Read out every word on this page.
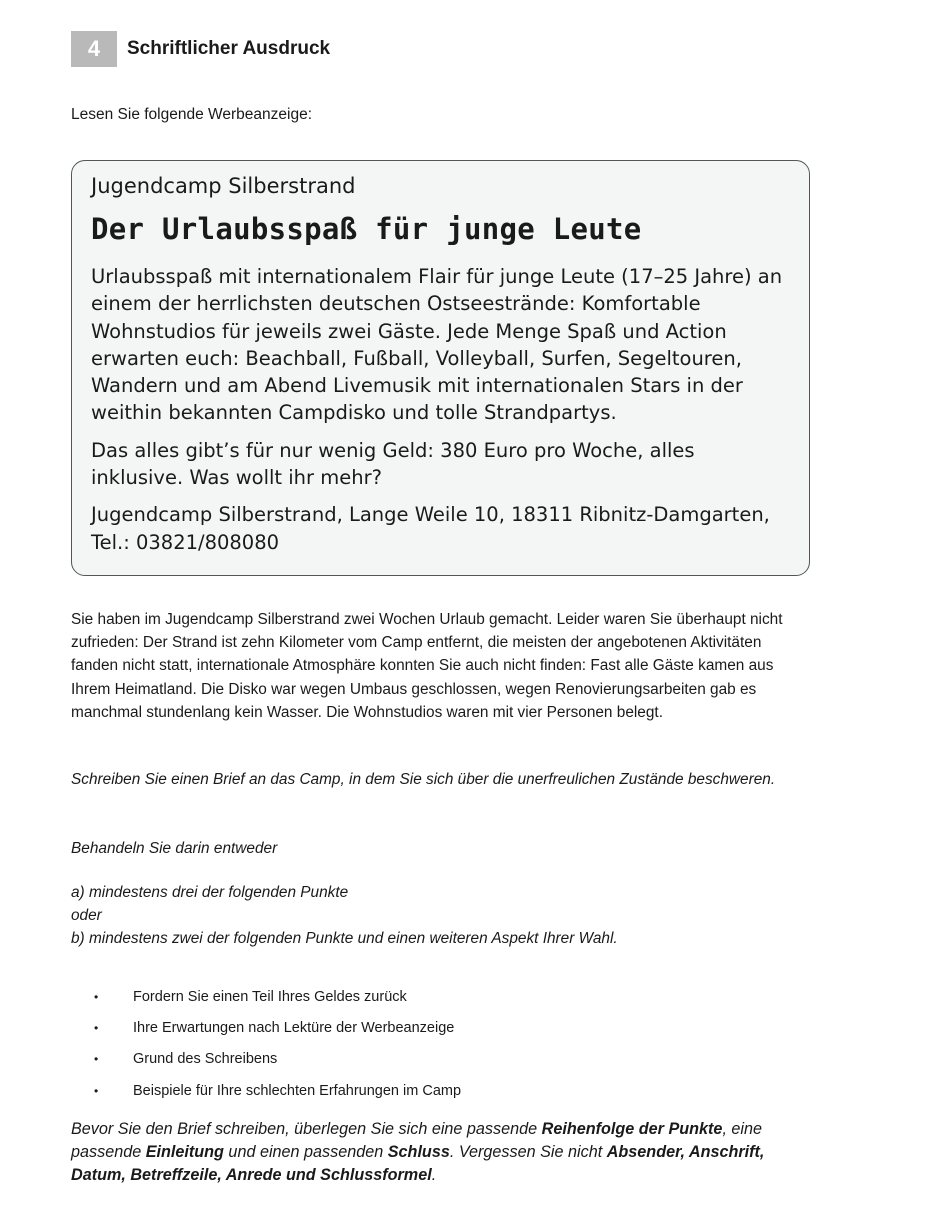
4	Schriftlicher Ausdruck
Lesen Sie folgende Werbeanzeige:
Jugendcamp Silberstrand
Der Urlaubsspaß für junge Leute

Urlaubsspaß mit internationalem Flair für junge Leute (17–25 Jahre) an einem der herrlichsten deutschen Ostseestrände: Komfortable Wohnstudios für jeweils zwei Gäste. Jede Menge Spaß und Action erwarten euch: Beachball, Fußball, Volleyball, Surfen, Segeltouren, Wandern und am Abend Livemusik mit internationalen Stars in der weithin bekannten Campdisko und tolle Strandpartys.

Das alles gibt’s für nur wenig Geld: 380 Euro pro Woche, alles inklusive. Was wollt ihr mehr?

Jugendcamp Silberstrand, Lange Weile 10, 18311 Ribnitz-Damgarten, Tel.: 03821/808080

Sie haben im Jugendcamp Silberstrand zwei Wochen Urlaub gemacht. Leider waren Sie überhaupt nicht zufrieden: Der Strand ist zehn Kilometer vom Camp entfernt, die meisten der angebotenen Aktivitäten fanden nicht statt, internationale Atmosphäre konnten Sie auch nicht finden: Fast alle Gäste kamen aus Ihrem Heimatland. Die Disko war wegen Umbaus geschlossen, wegen Renovierungsarbeiten gab es manchmal stundenlang kein Wasser. Die Wohnstudios waren mit vier Personen belegt.
Schreiben Sie einen Brief an das Camp, in dem Sie sich über die unerfreulichen Zustände beschweren.
Behandeln Sie darin entweder
a) mindestens drei der folgenden Punkte
oder
b) mindestens zwei der folgenden Punkte und einen weiteren Aspekt Ihrer Wahl.
•	Fordern Sie einen Teil Ihres Geldes zurück
•	Ihre Erwartungen nach Lektüre der Werbeanzeige
•	Grund des Schreibens
•	Beispiele für Ihre schlechten Erfahrungen im Camp
Bevor Sie den Brief schreiben, überlegen Sie sich eine passende Reihenfolge der Punkte, eine passende Einleitung und einen passenden Schluss. Vergessen Sie nicht Absender, Anschrift, Datum, Betreffzeile, Anrede und Schlussformel.
